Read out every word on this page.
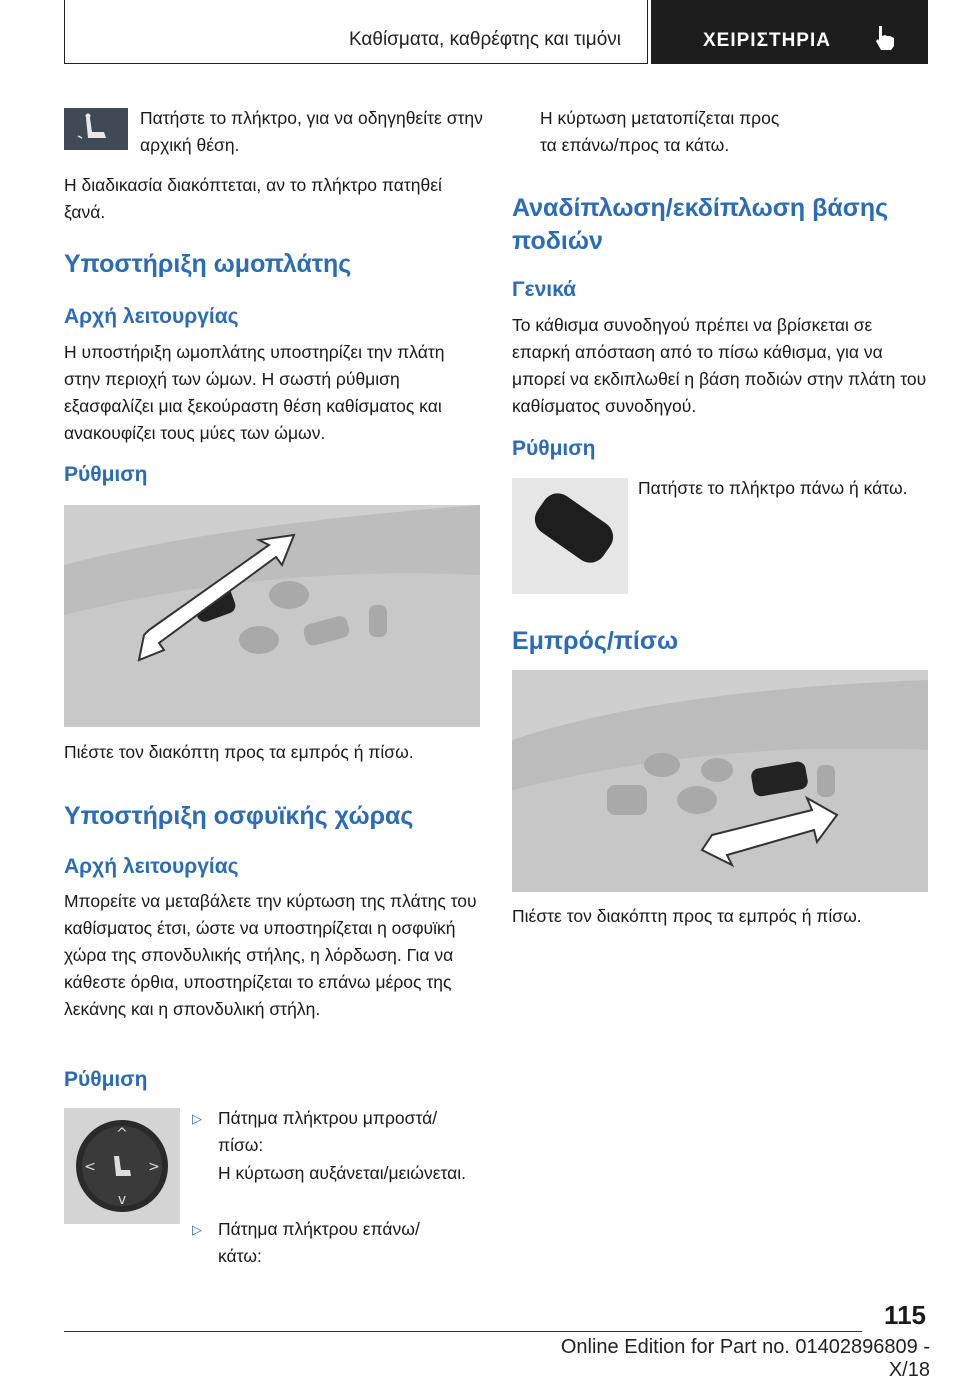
Καθίσματα, καθρέφτης και τιμόνι	ΧΕΙΡΙΣΤΗΡΙΑ

Πατήστε το πλήκτρο, για να οδηγηθείτε στην αρχική θέση.

Η διαδικασία διακόπτεται, αν το πλήκτρο πατηθεί ξανά.

Υποστήριξη ωμοπλάτης
Αρχή λειτουργίας

Η υποστήριξη ωμοπλάτης υποστηρίζει την πλάτη στην περιοχή των ώμων. Η σωστή ρύθμιση εξασφαλίζει μια ξεκούραστη θέση καθίσματος και ανακουφίζει τους μύες των ώμων.

Ρύθμιση

Πιέστε τον διακόπτη προς τα εμπρός ή πίσω.

Υποστήριξη οσφυϊκής χώρας
Αρχή λειτουργίας

Μπορείτε να μεταβάλετε την κύρτωση της πλάτης του καθίσματος έτσι, ώστε να υποστηρίζεται η οσφυϊκή χώρα της σπονδυλικής στήλης, η λόρδωση. Για να κάθεστε όρθια, υποστηρίζεται το επάνω μέρος της λεκάνης και η σπονδυλική στήλη.

Ρύθμιση
^
v
<	>
▷ Πάτημα πλήκτρου μπροστά/πίσω:

Η κύρτωση αυξάνεται/μειώνεται.

▷ Πάτημα πλήκτρου επάνω/κάτω:

Η κύρτωση μετατοπίζεται προς τα επάνω/προς τα κάτω.

Αναδίπλωση/εκδίπλωση βάσης ποδιών
Γενικά

Το κάθισμα συνοδηγού πρέπει να βρίσκεται σε επαρκή απόσταση από το πίσω κάθισμα, για να μπορεί να εκδιπλωθεί η βάση ποδιών στην πλάτη του καθίσματος συνοδηγού.

Ρύθμιση

Πατήστε το πλήκτρο πάνω ή κάτω.

Εμπρός/πίσω

Πιέστε τον διακόπτη προς τα εμπρός ή πίσω.

115
Online Edition for Part no. 01402896809 - X/18
